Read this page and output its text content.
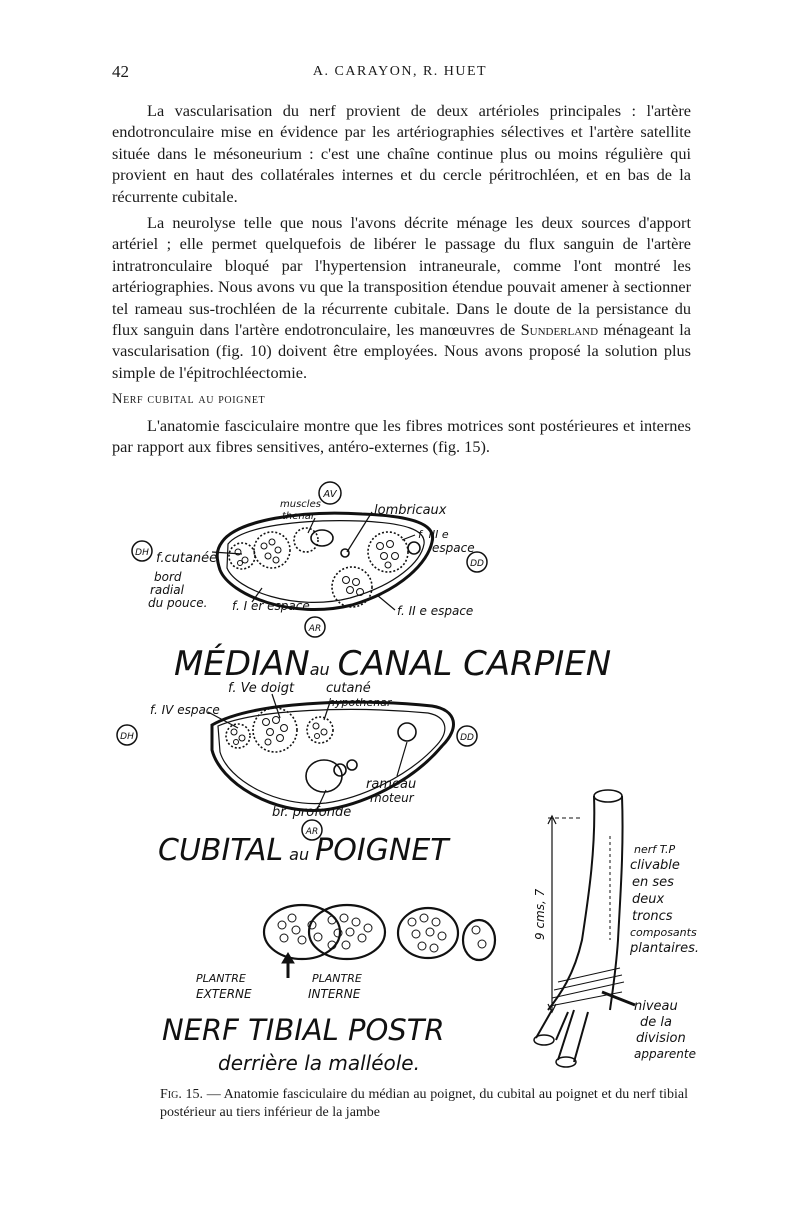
42	A. CARAYON, R. HUET

La vascularisation du nerf provient de deux artérioles principales : l'artère endotronculaire mise en évidence par les artériographies sélectives et l'artère satellite située dans le mésoneurium : c'est une chaîne continue plus ou moins régulière qui provient en haut des collatérales internes et du cercle péritrochléen, et en bas de la récurrente cubitale.

La neurolyse telle que nous l'avons décrite ménage les deux sources d'apport artériel ; elle permet quelquefois de libérer le passage du flux sanguin de l'artère intratronculaire bloqué par l'hypertension intraneurale, comme l'ont montré les artériographies. Nous avons vu que la transposition étendue pouvait amener à sectionner tel rameau sus-trochléen de la récurrente cubitale. Dans le doute de la persistance du flux sanguin dans l'artère endotronculaire, les manœuvres de Sunderland ménageant la vascularisation (fig. 10) doivent être employées. Nous avons proposé la solution plus simple de l'épitrochléectomie.

Nerf cubital au poignet

L'anatomie fasciculaire montre que les fibres motrices sont postérieures et internes par rapport aux fibres sensitives, antéro-externes (fig. 15).

AV
muscles
thenar	lombricaux
DH
DD
AR
f.cutanée
bord
radial
du pouce.
f. III e
espace
f. I er espace	f. II e espace
MÉDIANau CANAL CARPIEN
f. Ve doigt cutané
hypothenar
f. IV espace
DH	DD
rameau
moteur
br. profonde
AR
CUBITAL au POIGNET
PLANTRE
EXTERNE
PLANTRE
INTERNE
NERF TIBIAL POSTR
derrière la malléole.
nerf T.P
clivable
en ses
deux
troncs
composants
plantaires.
9 cms, 7
niveau
de la
division
apparente
Fig. 15. — Anatomie fasciculaire du médian au poignet, du cubital au poignet et du nerf tibial postérieur au tiers inférieur de la jambe
